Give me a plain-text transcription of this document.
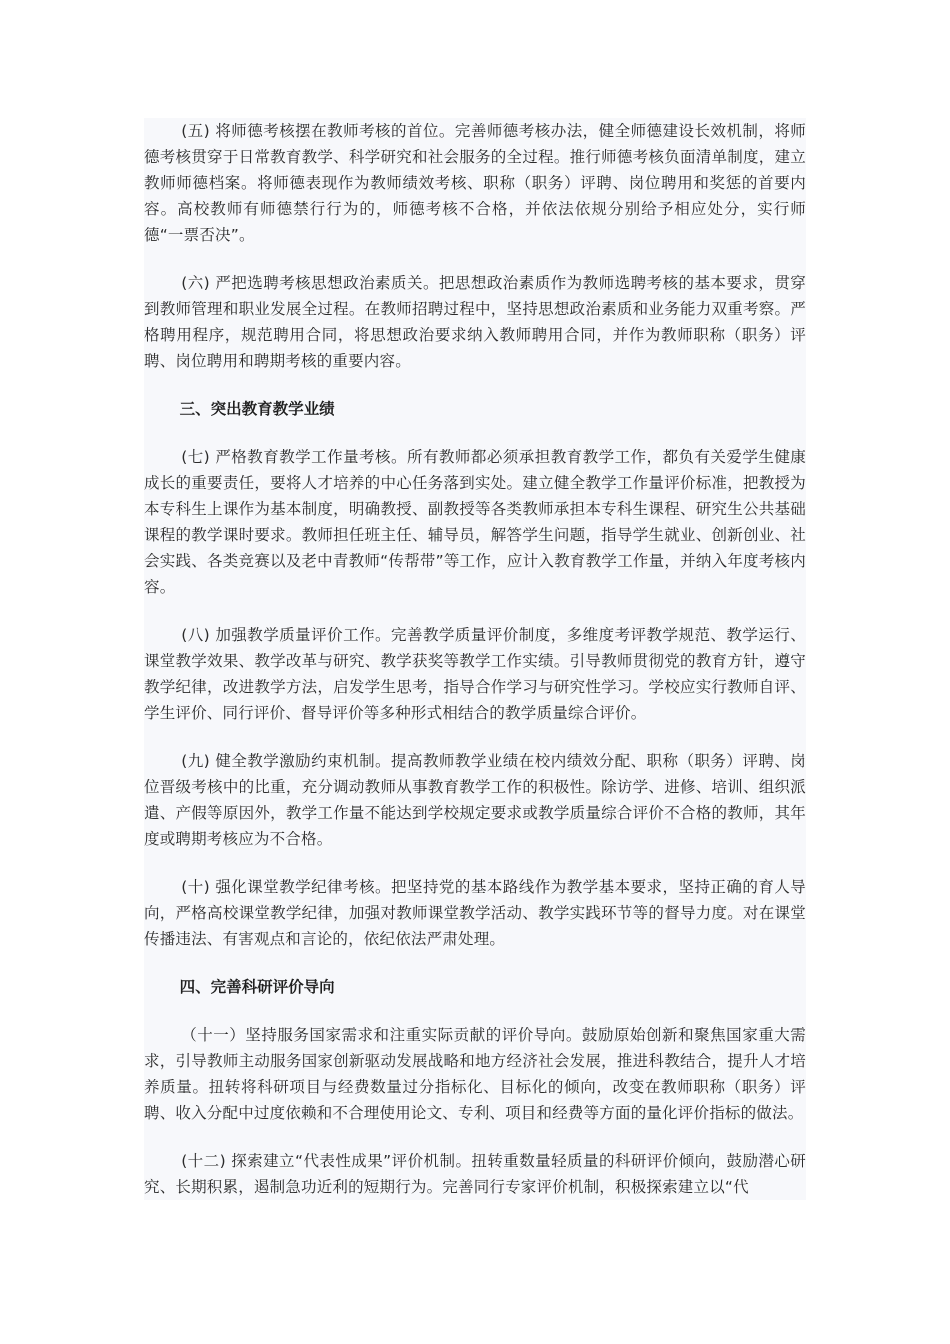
(五) 将师德考核摆在教师考核的首位。完善师德考核办法，健全师德建设长效机制，将师德考核贯穿于日常教育教学、科学研究和社会服务的全过程。推行师德考核负面清单制度，建立教师师德档案。将师德表现作为教师绩效考核、职称（职务）评聘、岗位聘用和奖惩的首要内容。高校教师有师德禁行行为的，师德考核不合格，并依法依规分别给予相应处分，实行师德“一票否决”。

(六) 严把选聘考核思想政治素质关。把思想政治素质作为教师选聘考核的基本要求，贯穿到教师管理和职业发展全过程。在教师招聘过程中，坚持思想政治素质和业务能力双重考察。严格聘用程序，规范聘用合同，将思想政治要求纳入教师聘用合同，并作为教师职称（职务）评聘、岗位聘用和聘期考核的重要内容。

三、突出教育教学业绩

(七) 严格教育教学工作量考核。所有教师都必须承担教育教学工作，都负有关爱学生健康成长的重要责任，要将人才培养的中心任务落到实处。建立健全教学工作量评价标准，把教授为本专科生上课作为基本制度，明确教授、副教授等各类教师承担本专科生课程、研究生公共基础课程的教学课时要求。教师担任班主任、辅导员，解答学生问题，指导学生就业、创新创业、社会实践、各类竞赛以及老中青教师“传帮带”等工作，应计入教育教学工作量，并纳入年度考核内容。

(八) 加强教学质量评价工作。完善教学质量评价制度，多维度考评教学规范、教学运行、课堂教学效果、教学改革与研究、教学获奖等教学工作实绩。引导教师贯彻党的教育方针，遵守教学纪律，改进教学方法，启发学生思考，指导合作学习与研究性学习。学校应实行教师自评、学生评价、同行评价、督导评价等多种形式相结合的教学质量综合评价。

(九) 健全教学激励约束机制。提高教师教学业绩在校内绩效分配、职称（职务）评聘、岗位晋级考核中的比重，充分调动教师从事教育教学工作的积极性。除访学、进修、培训、组织派遣、产假等原因外，教学工作量不能达到学校规定要求或教学质量综合评价不合格的教师，其年度或聘期考核应为不合格。

(十) 强化课堂教学纪律考核。把坚持党的基本路线作为教学基本要求，坚持正确的育人导向，严格高校课堂教学纪律，加强对教师课堂教学活动、教学实践环节等的督导力度。对在课堂传播违法、有害观点和言论的，依纪依法严肃处理。

四、完善科研评价导向

（十一）坚持服务国家需求和注重实际贡献的评价导向。鼓励原始创新和聚焦国家重大需求，引导教师主动服务国家创新驱动发展战略和地方经济社会发展，推进科教结合，提升人才培养质量。扭转将科研项目与经费数量过分指标化、目标化的倾向，改变在教师职称（职务）评聘、收入分配中过度依赖和不合理使用论文、专利、项目和经费等方面的量化评价指标的做法。

(十二) 探索建立“代表性成果”评价机制。扭转重数量轻质量的科研评价倾向，鼓励潜心研究、长期积累，遏制急功近利的短期行为。完善同行专家评价机制，积极探索建立以“代
